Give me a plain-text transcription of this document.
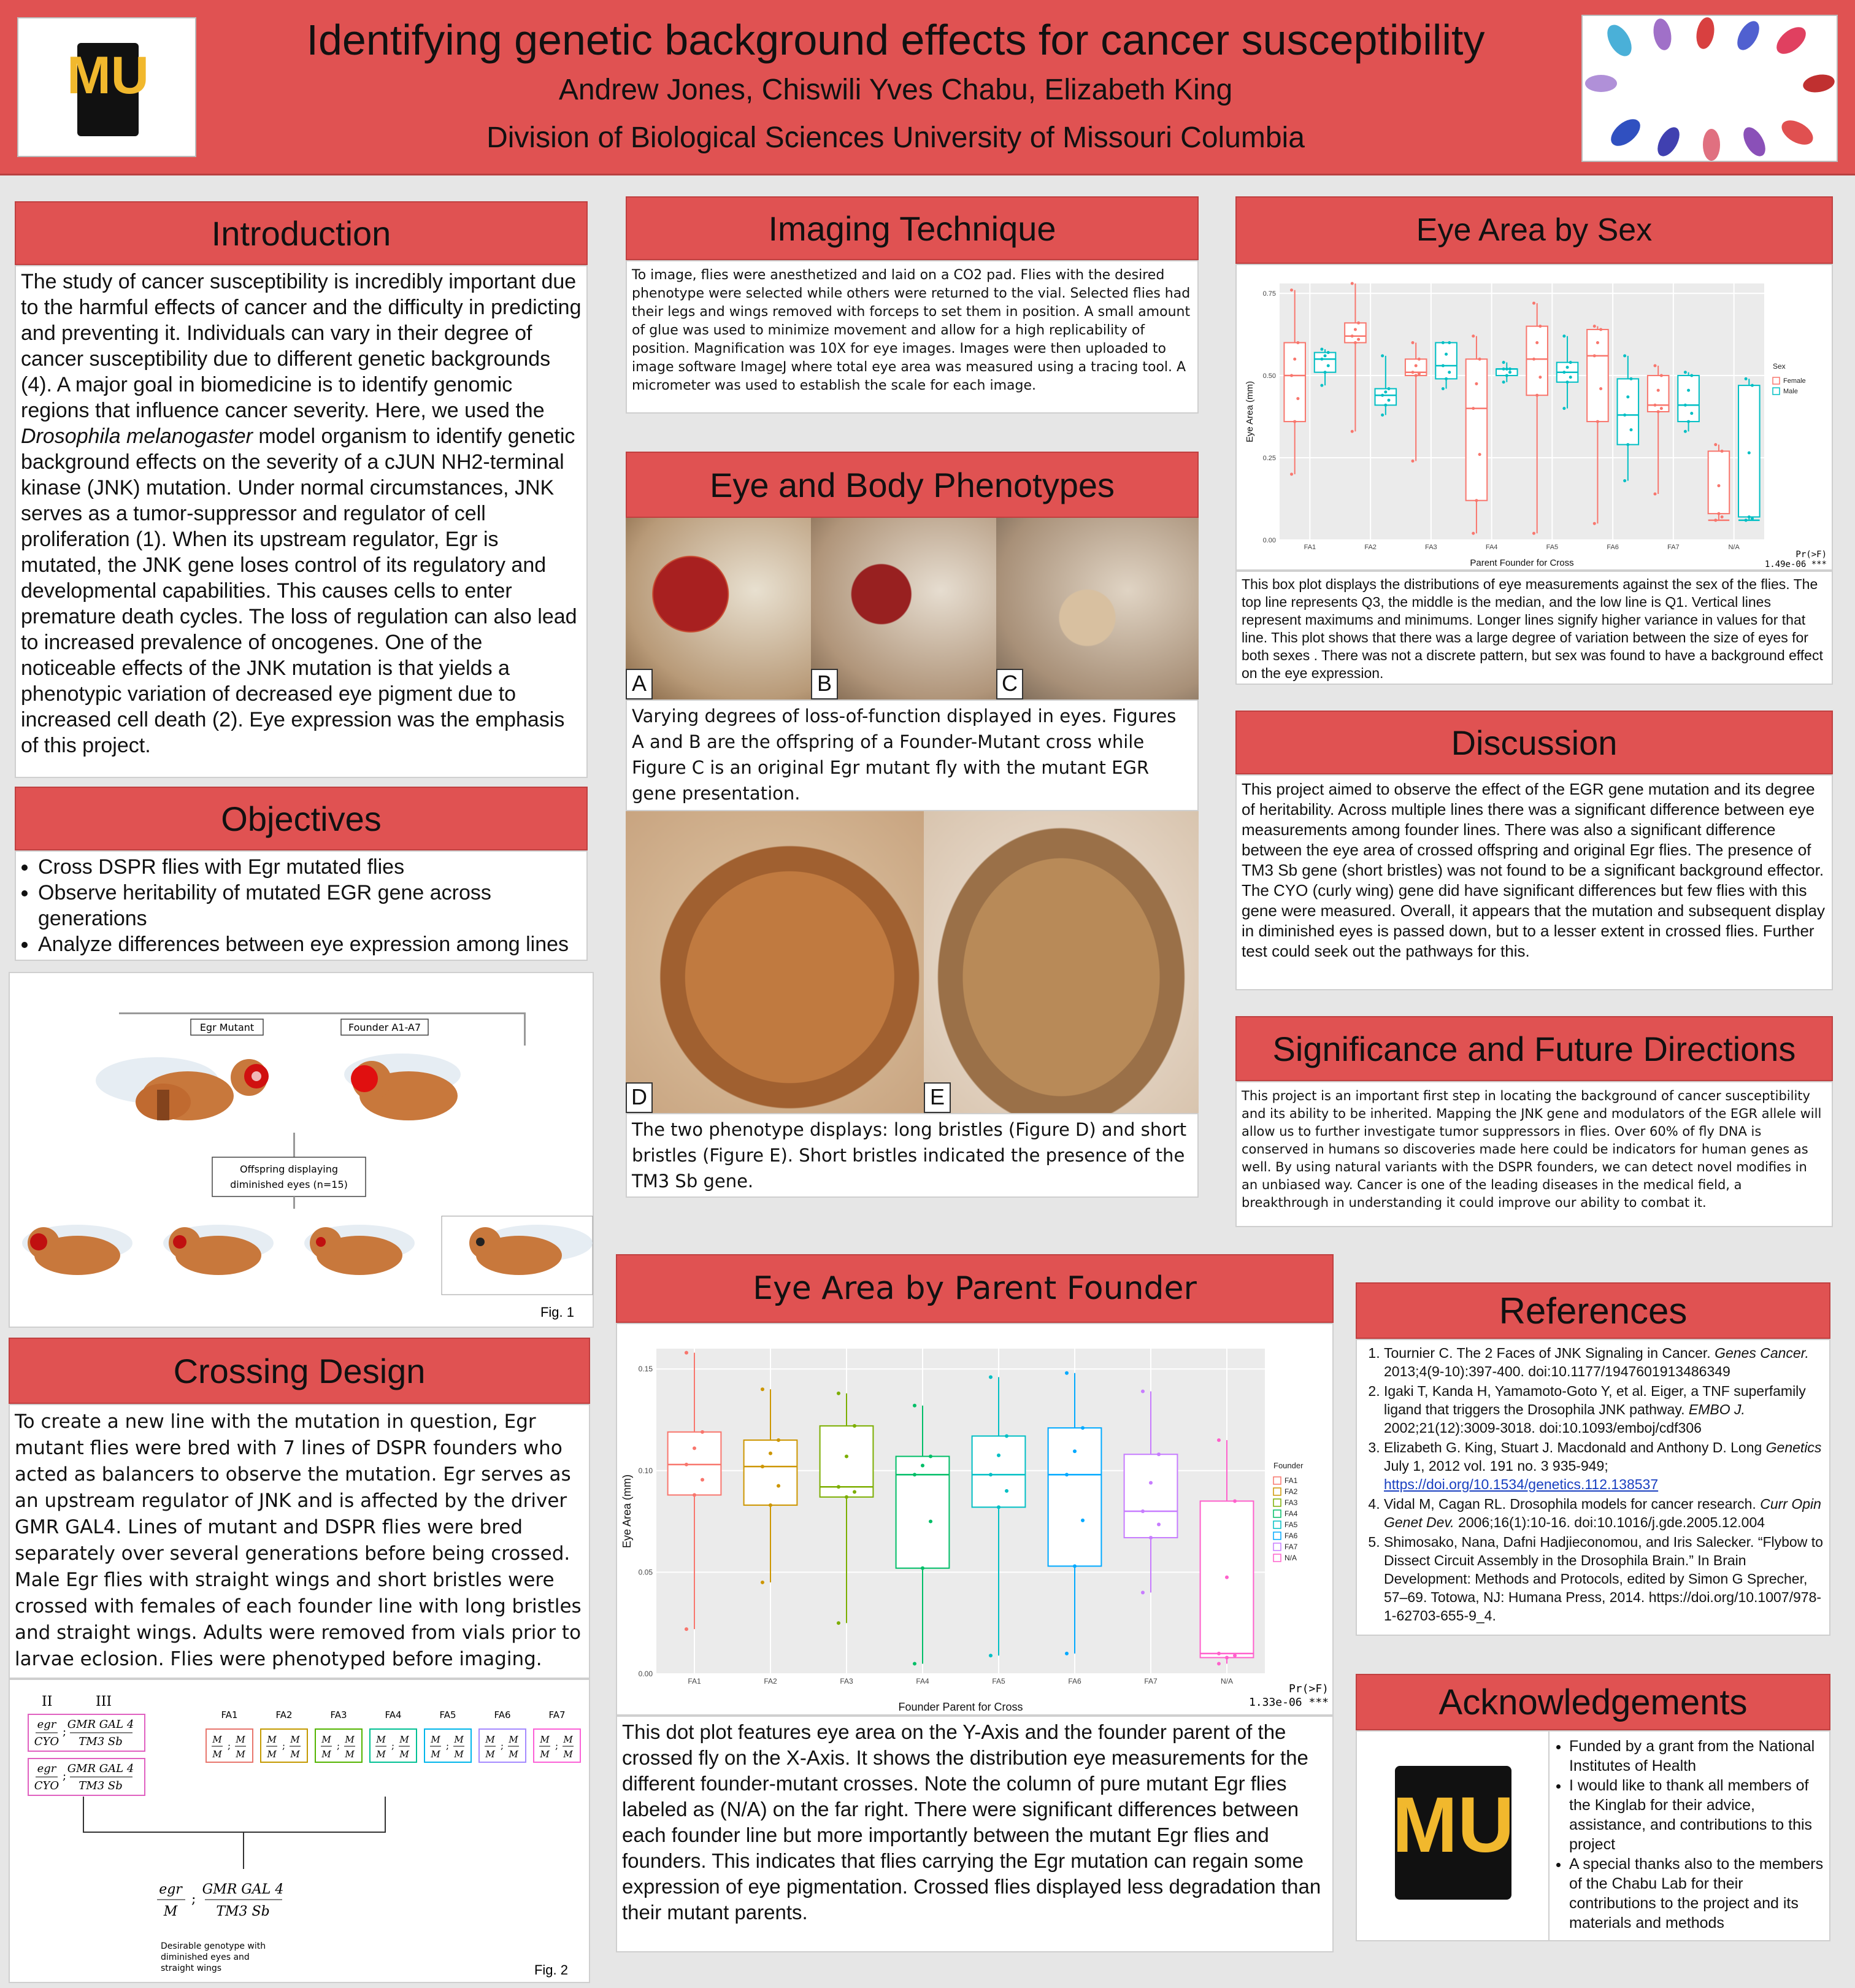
MU
Identifying genetic background effects for cancer susceptibility
Andrew Jones, Chiswili Yves Chabu, Elizabeth King
Division of Biological Sciences University of Missouri Columbia
Introduction
The study of cancer susceptibility is incredibly important due to the harmful effects of cancer and the difficulty in predicting and preventing it. Individuals can vary in their degree of cancer susceptibility due to different genetic backgrounds (4). A major goal in biomedicine is to identify genomic regions that influence cancer severity. Here, we used the Drosophila melanogaster model organism to identify genetic background effects on the severity of a cJUN NH2-terminal kinase (JNK) mutation. Under normal circumstances, JNK serves as a tumor-suppressor and regulator of cell proliferation (1). When its upstream regulator, Egr is mutated, the JNK gene loses control of its regulatory and developmental capabilities. This causes cells to enter premature death cycles. The loss of regulation can also lead to increased prevalence of oncogenes. One of the noticeable effects of the JNK mutation is that yields a phenotypic variation of decreased eye pigment due to increased cell death (2). Eye expression was the emphasis of this project.
Objectives
• Cross DSPR flies with Egr mutated flies
• Observe heritability of mutated EGR gene across generations
• Analyze differences between eye expression among lines
Egr Mutant	Founder A1-A7
Offspring displaying
diminished eyes (n=15)
Fig. 1
Crossing Design
To create a new line with the mutation in question, Egr mutant flies were bred with 7 lines of DSPR founders who acted as balancers to observe the mutation. Egr serves as an upstream regulator of JNK and is affected by the driver GMR GAL4. Lines of mutant and DSPR flies were bred separately over several generations before being crossed. Male Egr flies with straight wings and short bristles were crossed with females of each founder line with long bristles and straight wings. Adults were removed from vials prior to larvae eclosion. Flies were phenotyped before imaging.
II	III
egr
CYO
;
GMR GAL 4
TM3 Sb
egr
CYO
;
GMR GAL 4
TM3 Sb
FA1
M
M
M
M
;
FA2
M
M
M
M
;
FA3
M
M
M
M
;
FA4
M
M
M
M
;
FA5
M
M
M
M
;
FA6
M
M
M
M
;
FA7
M
M
M
M
;
egr
M
;
GMR GAL 4
TM3 Sb
Desirable genotype with
diminished eyes and
straight wings	Fig. 2
Imaging Technique
To image, flies were anesthetized and laid on a CO2 pad. Flies with the desired phenotype were selected while others were returned to the vial. Selected flies had their legs and wings removed with forceps to set them in position. A small amount of glue was used to minimize movement and allow for a high replicability of position. Magnification was 10X for eye images. Images were then uploaded to image software ImageJ where total eye area was measured using a tracing tool. A micrometer was used to establish the scale for each image.
Eye and Body Phenotypes
A	B	C
Varying degrees of loss-of-function displayed in eyes. Figures A and B are the offspring of a Founder-Mutant cross while Figure C is an original Egr mutant fly with the mutant EGR gene presentation.
D	E
The two phenotype displays: long bristles (Figure D) and short bristles (Figure E). Short bristles indicated the presence of the TM3 Sb gene.
Eye Area by Parent Founder
0.00
0.05
0.10
0.15
FA1	FA2	FA3	FA4	FA5	FA6	FA7	N/A
Founder Parent for Cross
Eye Area (mm)
Founder
FA1
FA2
FA3
FA4
FA5
FA6
FA7
N/A
Pr(>F)
1.33e-06 ***
This dot plot features eye area on the Y-Axis and the founder parent of the crossed fly on the X-Axis. It shows the distribution eye measurements for the different founder-mutant crosses. Note the column of pure mutant Egr flies labeled as (N/A) on the far right. There were significant differences between each founder line but more importantly between the mutant Egr flies and founders. This indicates that flies carrying the Egr mutation can regain some expression of eye pigmentation. Crossed flies displayed less degradation than their mutant parents.
Eye Area by Sex
0.00
0.25
0.50
0.75
FA1	FA2	FA3	FA4	FA5	FA6	FA7	N/A
Parent Founder for Cross
Eye Area (mm)
Sex
Female
Male
Pr(>F)
1.49e-06 ***
This box plot displays the distributions of eye measurements against the sex of the flies. The top line represents Q3, the middle is the median, and the low line is Q1. Vertical lines represent maximums and minimums. Longer lines signify higher variance in values for that line. This plot shows that there was a large degree of variation between the size of eyes for both sexes . There was not a discrete pattern, but sex was found to have a background effect on the eye expression.
Discussion
This project aimed to observe the effect of the EGR gene mutation and its degree of heritability. Across multiple lines there was a significant difference between eye measurements among founder lines. There was also a significant difference between the eye area of crossed offspring and original Egr flies. The presence of TM3 Sb gene (short bristles) was not found to be a significant background effector. The CYO (curly wing) gene did have significant differences but few flies with this gene were measured. Overall, it appears that the mutation and subsequent display in diminished eyes is passed down, but to a lesser extent in crossed flies. Further test could seek out the pathways for this.
Significance and Future Directions
This project is an important first step in locating the background of cancer susceptibility and its ability to be inherited. Mapping the JNK gene and modulators of the EGR allele will allow us to further investigate tumor suppressors in flies. Over 60% of fly DNA is conserved in humans so discoveries made here could be indicators for human genes as well. By using natural variants with the DSPR founders, we can detect novel modifies in an unbiased way. Cancer is one of the leading diseases in the medical field, a breakthrough in understanding it could improve our ability to combat it.
References
1. Tournier C. The 2 Faces of JNK Signaling in Cancer. Genes Cancer. 2013;4(9-10):397-400. doi:10.1177/1947601913486349
2. Igaki T, Kanda H, Yamamoto-Goto Y, et al. Eiger, a TNF superfamily ligand that triggers the Drosophila JNK pathway. EMBO J. 2002;21(12):3009-3018. doi:10.1093/emboj/cdf306
3. Elizabeth G. King, Stuart J. Macdonald and Anthony D. Long Genetics July 1, 2012 vol. 191 no. 3 935-949; https://doi.org/10.1534/genetics.112.138537
4. Vidal M, Cagan RL. Drosophila models for cancer research. Curr Opin Genet Dev. 2006;16(1):10-16. doi:10.1016/j.gde.2005.12.004
5. Shimosako, Nana, Dafni Hadjieconomou, and Iris Salecker. “Flybow to Dissect Circuit Assembly in the Drosophila Brain.” In Brain Development: Methods and Protocols, edited by Simon G Sprecher, 57–69. Totowa, NJ: Humana Press, 2014. https://doi.org/10.1007/978-1-62703-655-9_4.
Acknowledgements
MU
• Funded by a grant from the National Institutes of Health
• I would like to thank all members of the Kinglab for their advice, assistance, and contributions to this project
• A special thanks also to the members of the Chabu Lab for their contributions to the project and its materials and methods
